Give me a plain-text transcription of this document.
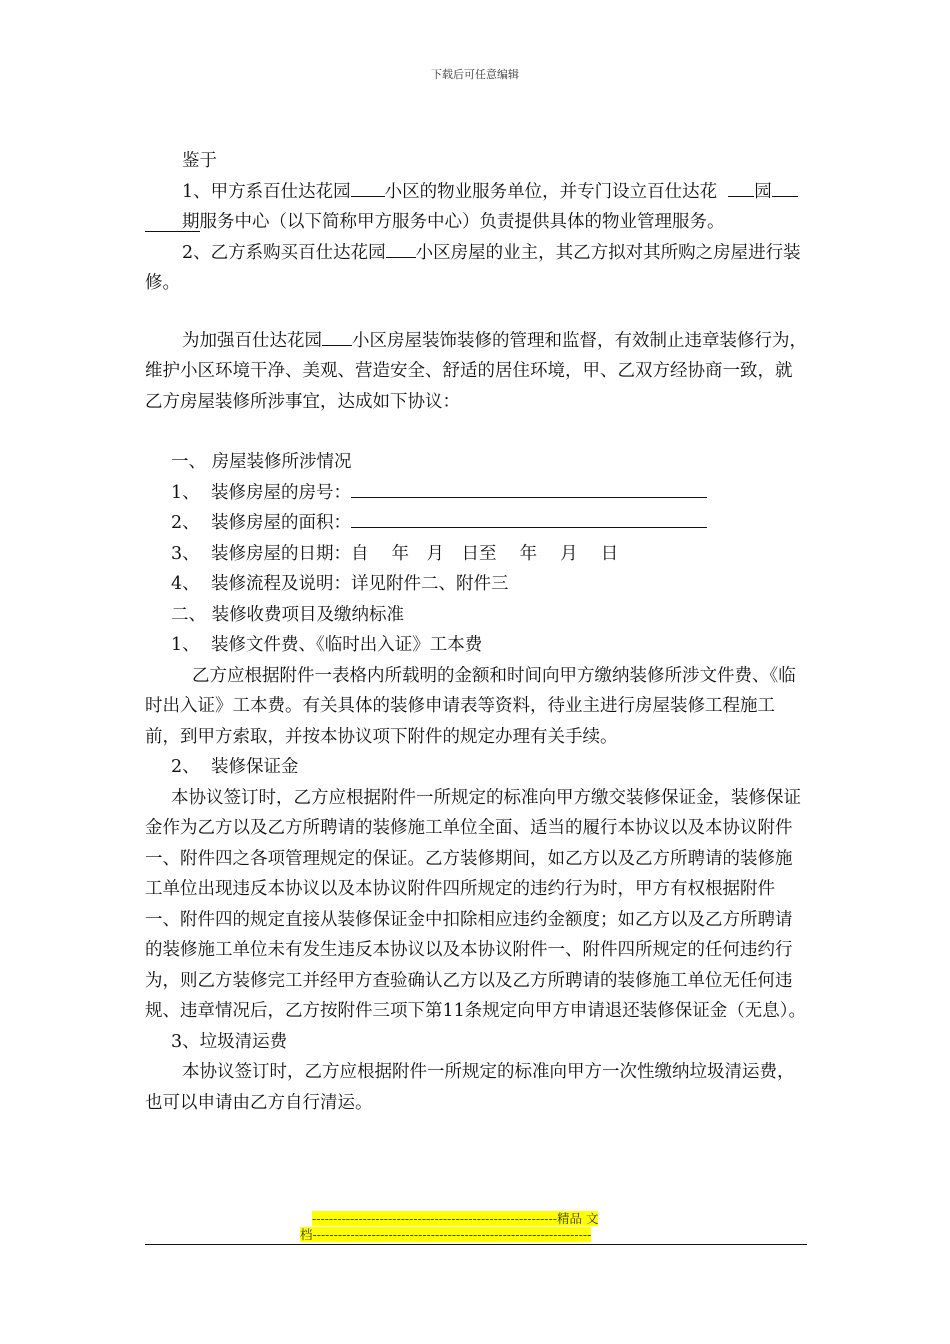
下载后可任意编辑

鉴于

1、甲方系百仕达花园 小区的物业服务单位，并专门设立百仕达花 园期服务中心（以下简称甲方服务中心）负责提供具体的物业管理服务。

2、乙方系购买百仕达花园 小区房屋的业主，其乙方拟对其所购之房屋进行装修。

为加强百仕达花园 小区房屋装饰装修的管理和监督，有效制止违章装修行为，维护小区环境干净、美观、营造安全、舒适的居住环境，甲、乙双方经协商一致，就乙方房屋装修所涉事宜，达成如下协议：

一、 房屋装修所涉情况

1、 装修房屋的房号：
2、 装修房屋的面积：
3、 装修房屋的日期：自　 年　月　日至　 年　 月　 日
4、 装修流程及说明：详见附件二、附件三

二、 装修收费项目及缴纳标准

1、 装修文件费、《临时出入证》工本费

乙方应根据附件一表格内所载明的金额和时间向甲方缴纳装修所涉文件费、《临时出入证》工本费。有关具体的装修申请表等资料，待业主进行房屋装修工程施工前，到甲方索取，并按本协议项下附件的规定办理有关手续。

2、 装修保证金

本协议签订时，乙方应根据附件一所规定的标准向甲方缴交装修保证金，装修保证金作为乙方以及乙方所聘请的装修施工单位全面、适当的履行本协议以及本协议附件一、附件四之各项管理规定的保证。乙方装修期间，如乙方以及乙方所聘请的装修施工单位出现违反本协议以及本协议附件四所规定的违约行为时，甲方有权根据附件一、附件四的规定直接从装修保证金中扣除相应违约金额度；如乙方以及乙方所聘请的装修施工单位未有发生违反本协议以及本协议附件一、附件四所规定的任何违约行为，则乙方装修完工并经甲方查验确认乙方以及乙方所聘请的装修施工单位无任何违规、违章情况后，乙方按附件三项下第11条规定向甲方申请退还装修保证金（无息）。

3、垃圾清运费

本协议签订时，乙方应根据附件一所规定的标准向甲方一次性缴纳垃圾清运费，也可以申请由乙方自行清运。

----------------------------------------------------------精品 文
档------------------------------------------------------------------
